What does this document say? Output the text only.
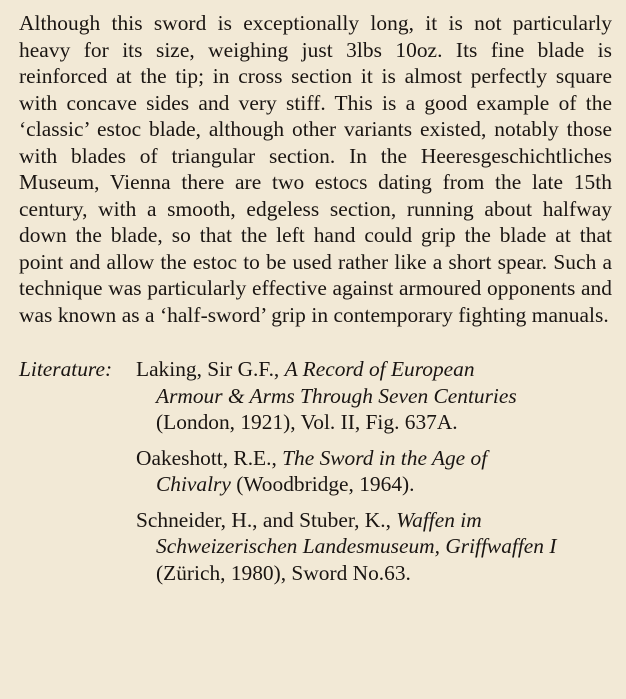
Although this sword is exceptionally long, it is not particularly heavy for its size, weighing just 3lbs 10oz. Its fine blade is reinforced at the tip; in cross section it is almost perfectly square with concave sides and very stiff. This is a good example of the ‘classic’ estoc blade, although other variants existed, notably those with blades of triangular section. In the Heeresgeschichtliches Museum, Vienna there are two estocs dating from the late 15th century, with a smooth, edgeless section, running about halfway down the blade, so that the left hand could grip the blade at that point and allow the estoc to be used rather like a short spear. Such a technique was particularly effective against armoured opponents and was known as a ‘half-sword’ grip in contemporary fighting manuals.

Literature:	Laking, Sir G.F., A Record of European
Armour & Arms Through Seven Centuries
(London, 1921), Vol. II, Fig. 637A.
Oakeshott, R.E., The Sword in the Age of
Chivalry (Woodbridge, 1964).
Schneider, H., and Stuber, K., Waffen im
Schweizerischen Landesmuseum, Griffwaffen I
(Zürich, 1980), Sword No.63.
